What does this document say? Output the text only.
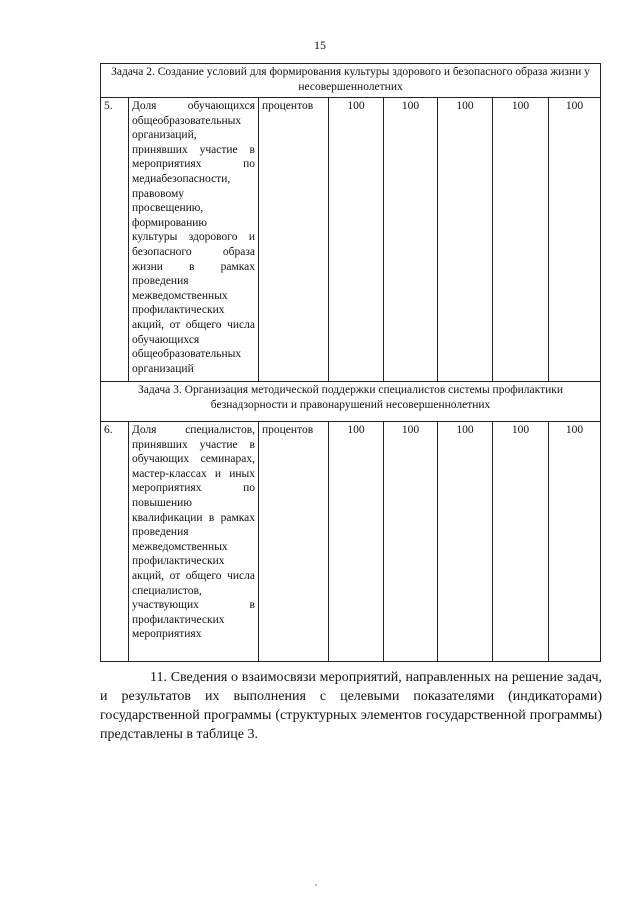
15
Задача 2. Создание условий для формирования культуры здорового и безопасного образа жизни у несовершеннолетних							
5.	Доля обучающихся общеобразовательных организаций, принявших участие в мероприятиях по медиабезопасности, правовому просвещению, формированию культуры здорового и безопасного образа жизни в рамках проведения межведомственных профилактических акций, от общего числа обучающихся общеобразовательных организаций	процентов	100	100	100	100	100
Задача 3. Организация методической поддержки специалистов системы профилактики безнадзорности и правонарушений несовершеннолетних							
6.	Доля специалистов, принявших участие в обучающих семинарах, мастер-классах и иных мероприятиях по повышению квалификации в рамках проведения межведомственных профилактических акций, от общего числа специалистов, участвующих в профилактических мероприятиях	процентов	100	100	100	100	100

11. Сведения о взаимосвязи мероприятий, направленных на решение задач, и результатов их выполнения с целевыми показателями (индикаторами) государственной программы (структурных элементов государственной программы) представлены в таблице 3.
